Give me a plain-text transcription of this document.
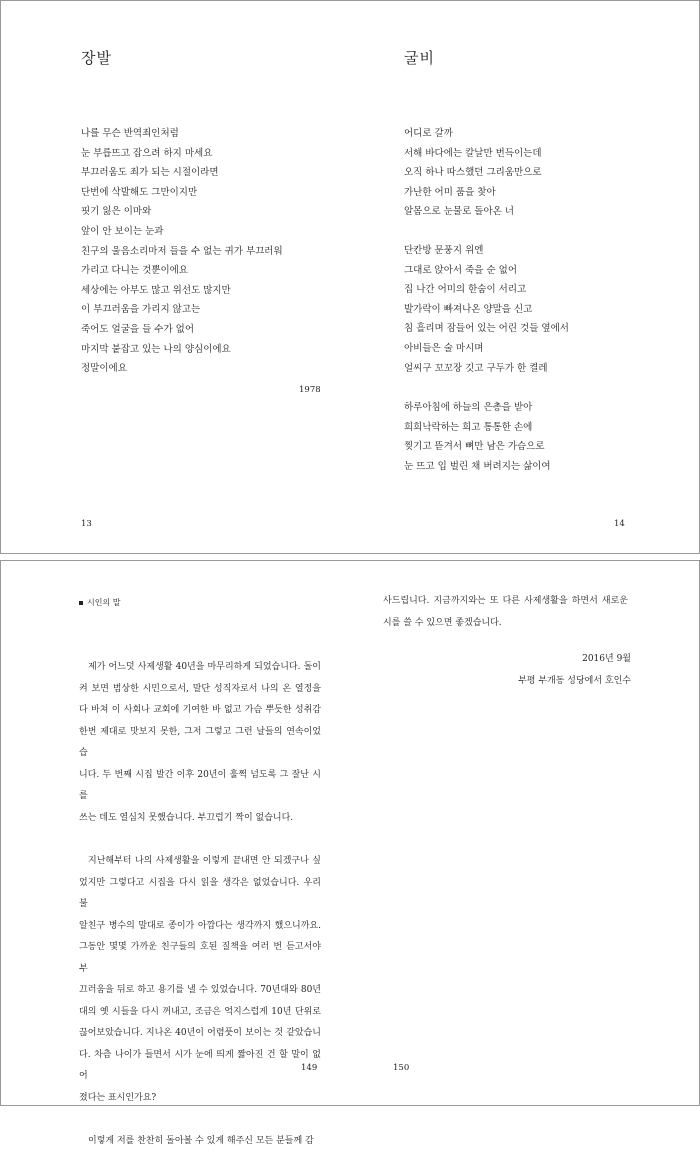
장발
나를 무슨 반역죄인처럼
눈 부릅뜨고 잡으려 하지 마세요
부끄러움도 죄가 되는 시절이라면
단번에 삭발해도 그만이지만
핏기 잃은 이마와
앞이 안 보이는 눈과
친구의 울음소리마저 들을 수 없는 귀가 부끄러워
가리고 다니는 것뿐이에요
세상에는 아부도 많고 위선도 많지만
이 부끄러움을 가리지 않고는
죽어도 얼굴을 들 수가 없어
마지막 붙잡고 있는 나의 양심이에요
정말이에요
1978
13
굴비
어디로 갈까
서해 바다에는 칼날만 번득이는데
오직 하나 따스했던 그리움만으로
가난한 어미 품을 찾아
알몸으로 눈물로 돌아온 너
단칸방 문풍지 위엔
그대로 앉아서 죽을 순 없어
집 나간 어미의 한숨이 서리고
발가락이 빠져나온 양말을 신고
침 흘리며 잠들어 있는 어린 것들 옆에서
아비들은 술 마시며
얼씨구 꼬꼬장 깃고 구두가 한 켤레
하루아침에 하늘의 은총을 받아
희희낙락하는 희고 통통한 손에
찢기고 뜯겨서 뼈만 남은 가슴으로
눈 뜨고 입 벌린 채 버려지는 삶이여
14
시인의 말

제가 어느덧 사제생활 40년을 마무리하게 되었습니다. 돌이

켜 보면 범상한 시민으로서, 말단 성직자로서 나의 온 열정을

다 바쳐 이 사회나 교회에 기여한 바 없고 가슴 뿌듯한 성취감

한번 제대로 맛보지 못한, 그저 그렇고 그런 날들의 연속이었습

니다. 두 번째 시집 발간 이후 20년이 훌쩍 넘도록 그 잘난 시를

쓰는 데도 열심치 못했습니다. 부끄럽기 짝이 없습니다.

지난해부터 나의 사제생활을 이렇게 끝내면 안 되겠구나 싶

었지만 그렇다고 시집을 다시 읽을 생각은 없었습니다. 우리 불

알친구 병수의 말대로 종이가 아깝다는 생각까지 했으니까요.

그동안 몇몇 가까운 친구들의 호된 질책을 여러 번 듣고서야 부

끄러움을 뒤로 하고 용기를 낼 수 있었습니다. 70년대와 80년

대의 옛 시들을 다시 꺼내고, 조금은 억지스럽게 10년 단위로

끊어보았습니다. 지나온 40년이 어렴풋이 보이는 것 같았습니

다. 차츰 나이가 들면서 시가 눈에 띄게 짧아진 건 할 말이 없어

졌다는 표시인가요?

이렇게 저를 찬찬히 돌아볼 수 있게 해주신 모든 분들께 감

149

사드립니다. 지금까지와는 또 다른 사제생활을 하면서 새로운

시를 쓸 수 있으면 좋겠습니다.

2016년 9월
부평 부개동 성당에서 호인수
150
